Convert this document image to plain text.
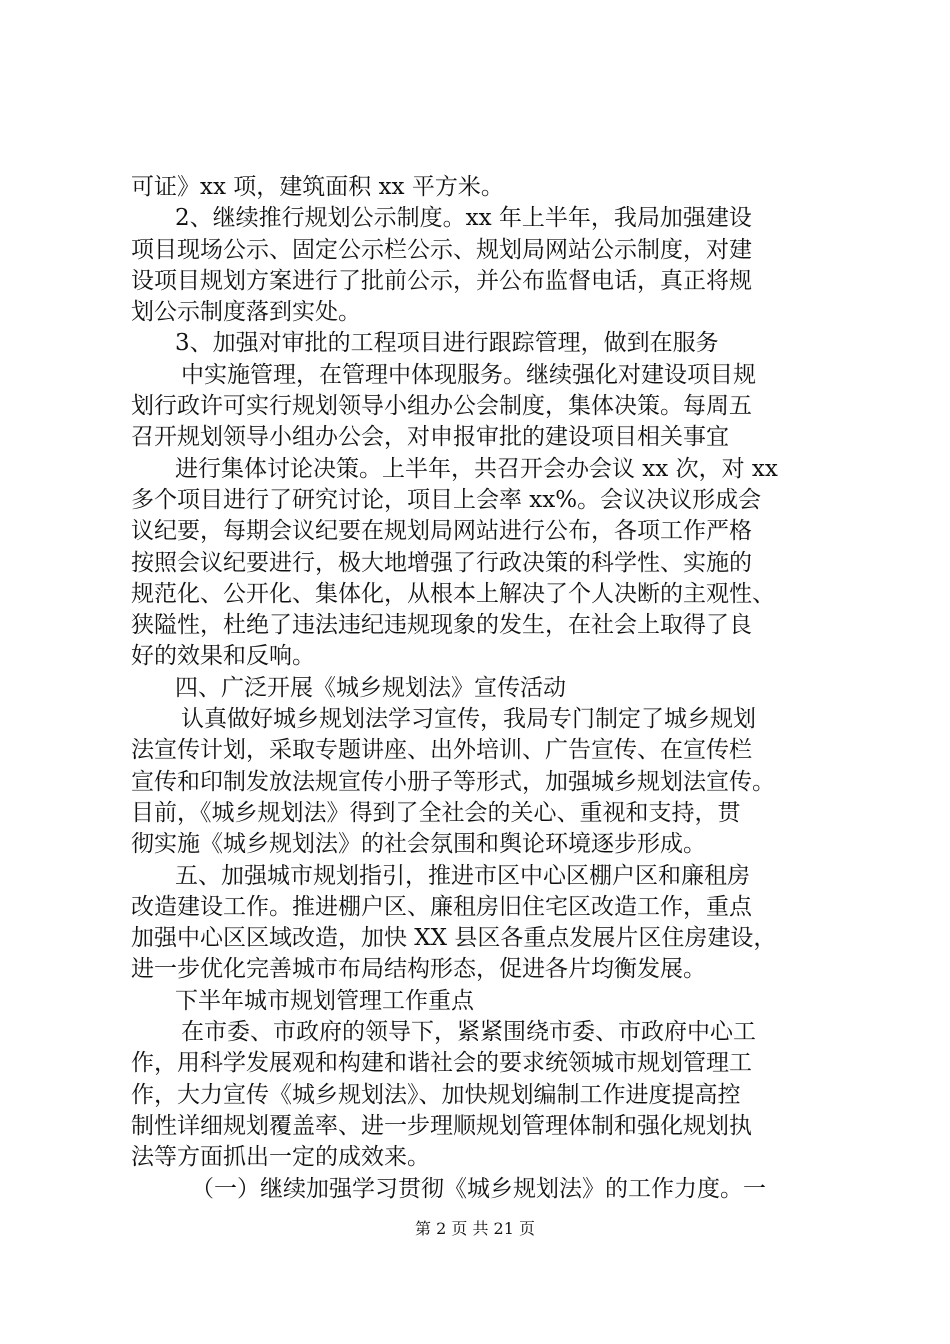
可证》xx 项，建筑面积 xx 平方米。
2、继续推行规划公示制度。xx 年上半年，我局加强建设
项目现场公示、固定公示栏公示、规划局网站公示制度，对建
设项目规划方案进行了批前公示，并公布监督电话，真正将规
划公示制度落到实处。
3、加强对审批的工程项目进行跟踪管理，做到在服务
中实施管理，在管理中体现服务。继续强化对建设项目规
划行政许可实行规划领导小组办公会制度，集体决策。每周五
召开规划领导小组办公会，对申报审批的建设项目相关事宜
进行集体讨论决策。上半年，共召开会办会议 xx 次，对 xx
多个项目进行了研究讨论，项目上会率 xx%。会议决议形成会
议纪要，每期会议纪要在规划局网站进行公布，各项工作严格
按照会议纪要进行，极大地增强了行政决策的科学性、实施的
规范化、公开化、集体化，从根本上解决了个人决断的主观性、
狭隘性，杜绝了违法违纪违规现象的发生，在社会上取得了良
好的效果和反响。
四、广泛开展《城乡规划法》宣传活动
认真做好城乡规划法学习宣传，我局专门制定了城乡规划
法宣传计划，采取专题讲座、出外培训、广告宣传、在宣传栏
宣传和印制发放法规宣传小册子等形式，加强城乡规划法宣传。
目前，《城乡规划法》得到了全社会的关心、重视和支持，贯
彻实施《城乡规划法》的社会氛围和舆论环境逐步形成。
五、加强城市规划指引，推进市区中心区棚户区和廉租房
改造建设工作。推进棚户区、廉租房旧住宅区改造工作，重点
加强中心区区域改造，加快 XX 县区各重点发展片区住房建设，
进一步优化完善城市布局结构形态，促进各片均衡发展。
下半年城市规划管理工作重点
在市委、市政府的领导下，紧紧围绕市委、市政府中心工
作，用科学发展观和构建和谐社会的要求统领城市规划管理工
作，大力宣传《城乡规划法》、加快规划编制工作进度提高控
制性详细规划覆盖率、进一步理顺规划管理体制和强化规划执
法等方面抓出一定的成效来。
（一）继续加强学习贯彻《城乡规划法》的工作力度。一
第 2 页 共 21 页
